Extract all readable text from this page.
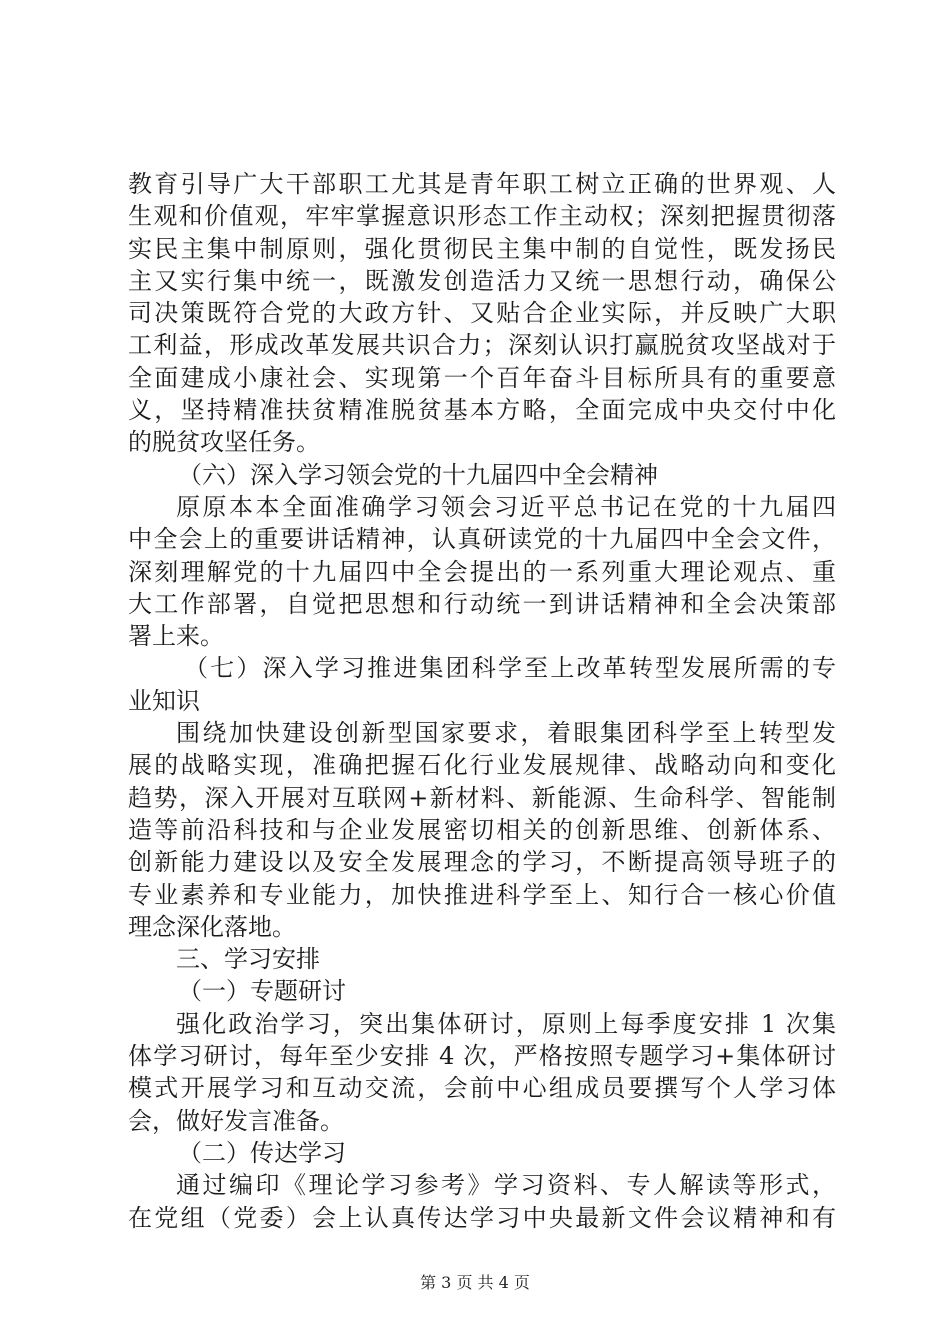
教育引导广大干部职工尤其是青年职工树立正确的世界观、人
生观和价值观，牢牢掌握意识形态工作主动权；深刻把握贯彻落
实民主集中制原则，强化贯彻民主集中制的自觉性，既发扬民
主又实行集中统一，既激发创造活力又统一思想行动，确保公
司决策既符合党的大政方针、又贴合企业实际，并反映广大职
工利益，形成改革发展共识合力；深刻认识打赢脱贫攻坚战对于
全面建成小康社会、实现第一个百年奋斗目标所具有的重要意
义，坚持精准扶贫精准脱贫基本方略，全面完成中央交付中化
的脱贫攻坚任务。
（六）深入学习领会党的十九届四中全会精神
原原本本全面准确学习领会习近平总书记在党的十九届四
中全会上的重要讲话精神，认真研读党的十九届四中全会文件，
深刻理解党的十九届四中全会提出的一系列重大理论观点、重
大工作部署，自觉把思想和行动统一到讲话精神和全会决策部
署上来。
（七）深入学习推进集团科学至上改革转型发展所需的专
业知识
围绕加快建设创新型国家要求，着眼集团科学至上转型发
展的战略实现，准确把握石化行业发展规律、战略动向和变化
趋势，深入开展对互联网+新材料、新能源、生命科学、智能制
造等前沿科技和与企业发展密切相关的创新思维、创新体系、
创新能力建设以及安全发展理念的学习，不断提高领导班子的
专业素养和专业能力，加快推进科学至上、知行合一核心价值
理念深化落地。
三、学习安排
（一）专题研讨
强化政治学习，突出集体研讨，原则上每季度安排 1 次集
体学习研讨，每年至少安排 4 次，严格按照专题学习+集体研讨
模式开展学习和互动交流，会前中心组成员要撰写个人学习体
会，做好发言准备。
（二）传达学习
通过编印《理论学习参考》学习资料、专人解读等形式，
在党组（党委）会上认真传达学习中央最新文件会议精神和有
第 3 页 共 4 页
